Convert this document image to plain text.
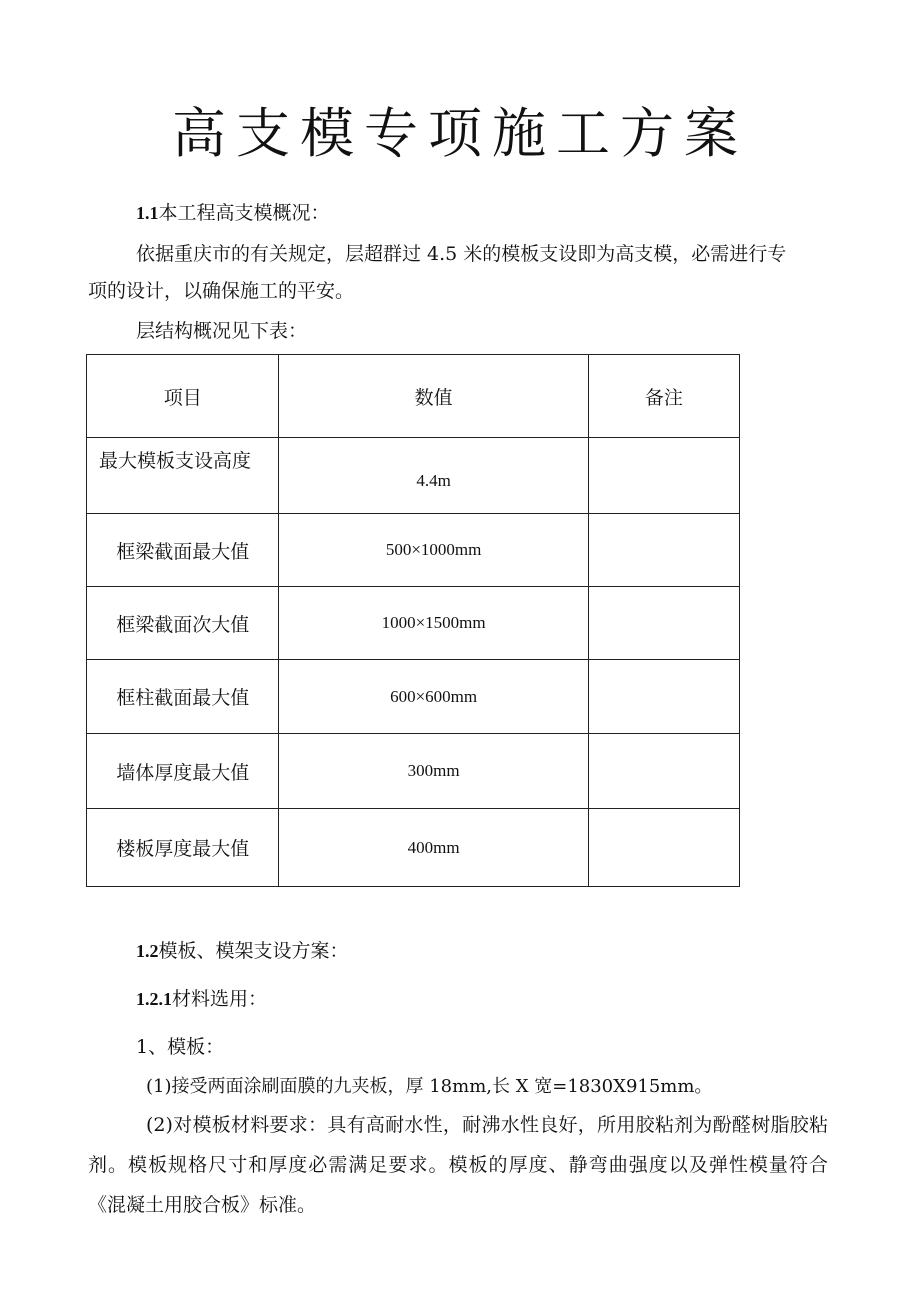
高支模专项施工方案
1.1本工程高支模概况：
依据重庆市的有关规定，层超群过 4.5 米的模板支设即为高支模，必需进行专
项的设计，以确保施工的平安。
层结构概况见下表：
项目	数值	备注
最大模板支设高度	4.4m	
框梁截面最大值	500×1000mm	
框梁截面次大值	1000×1500mm	
框柱截面最大值	600×600mm	
墙体厚度最大值	300mm	
楼板厚度最大值	400mm	
1.2模板、模架支设方案：
1.2.1材料选用：
1、模板：
(1)接受两面涂刷面膜的九夹板，厚 18mm,长 X 宽=1830X915mm。
(2)对模板材料要求：具有高耐水性，耐沸水性良好，所用胶粘剂为酚醛树脂胶粘剂。模板规格尺寸和厚度必需满足要求。模板的厚度、静弯曲强度以及弹性模量符合《混凝土用胶合板》标准。
